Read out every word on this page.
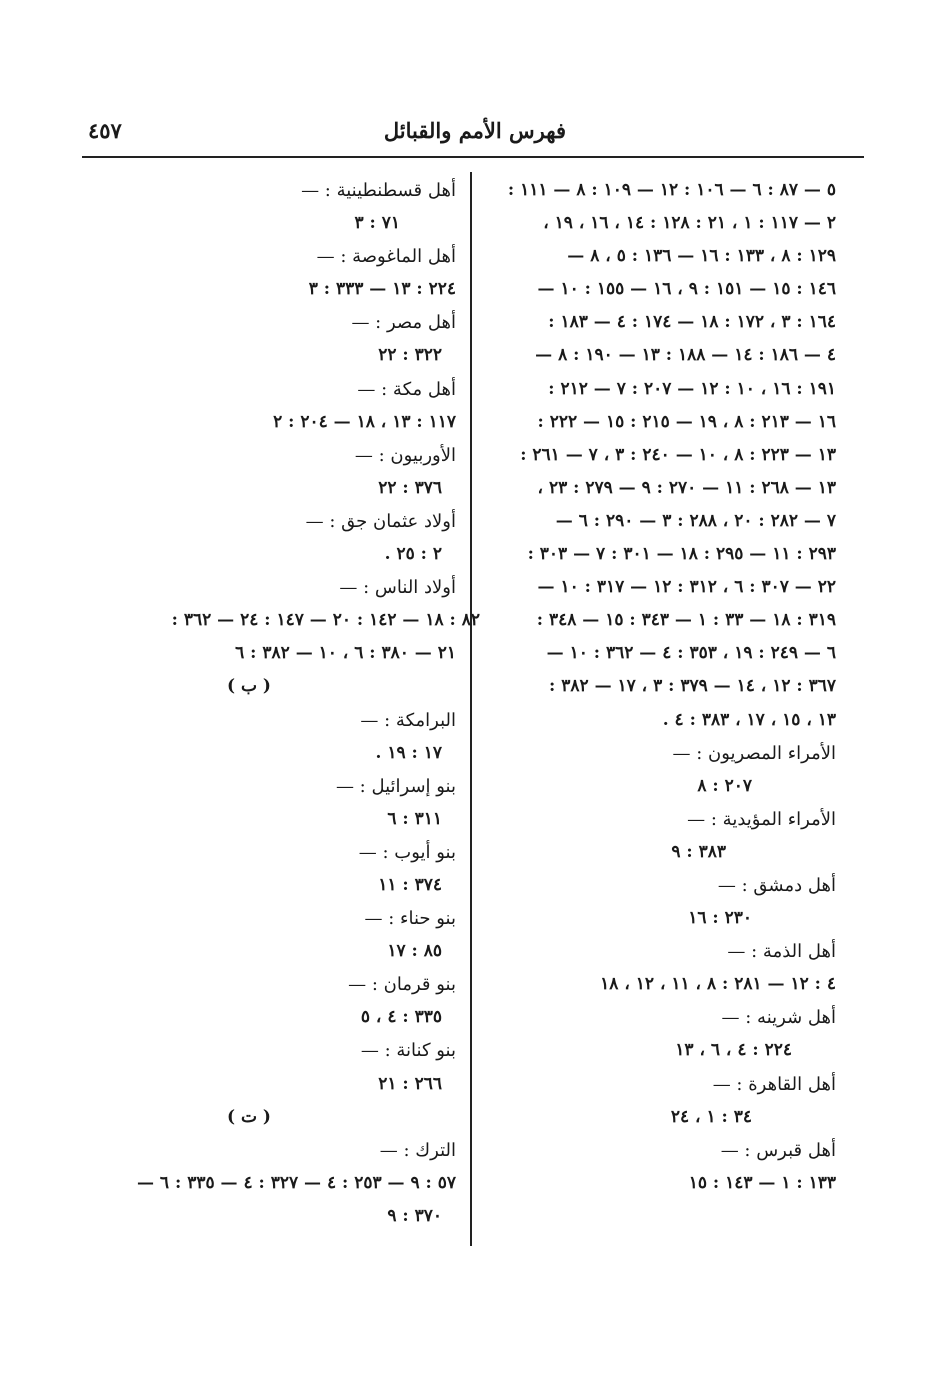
فهرس الأمم والقبائل
٤٥٧
٥ — ٨٧ : ٦ — ١٠٦ : ١٢ — ١٠٩ : ٨ — ١١١ :
٢ — ١١٧ : ١ ، ٢١ : ١٢٨ : ١٤ ، ١٦ ، ١٩ ،
١٢٩ : ٨ ، ١٣٣ : ١٦ — ١٣٦ : ٥ ، ٨ —
١٤٦ : ١٥ — ١٥١ : ٩ ، ١٦ — ١٥٥ : ١٠ —
١٦٤ : ٣ ، ١٧٢ : ١٨ — ١٧٤ : ٤ — ١٨٣ :
٤ — ١٨٦ : ١٤ — ١٨٨ : ١٣ — ١٩٠ : ٨ —
١٩١ : ١٦ ، ١٠ : ١٢ — ٢٠٧ : ٧ — ٢١٢ :
١٦ — ٢١٣ : ٨ ، ١٩ — ٢١٥ : ١٥ — ٢٢٢ :
١٣ — ٢٢٣ : ٨ ، ١٠ — ٢٤٠ : ٣ ، ٧ — ٢٦١ :
١٣ — ٢٦٨ : ١١ — ٢٧٠ : ٩ — ٢٧٩ : ٢٣ ،
٧ — ٢٨٢ : ٢٠ ، ٢٨٨ : ٣ — ٢٩٠ : ٦ —
٢٩٣ : ١١ — ٢٩٥ : ١٨ — ٣٠١ : ٧ — ٣٠٣ :
٢٢ — ٣٠٧ : ٦ ، ٣١٢ : ١٢ — ٣١٧ : ١٠ —
٣١٩ : ١٨ — ٣٣ : ١ — ٣٤٣ : ١٥ — ٣٤٨ :
٦ — ٢٤٩ : ١٩ ، ٣٥٣ : ٤ — ٣٦٢ : ١٠ —
٣٦٧ : ١٢ ، ١٤ — ٣٧٩ : ٣ ، ١٧ — ٣٨٢ :
١٣ ، ١٥ ، ١٧ ، ٣٨٣ : ٤ .
الأمراء المصريون : —
٢٠٧ : ٨
الأمراء المؤيدية : —
٣٨٣ : ٩
أهل دمشق : —
٢٣٠ : ١٦
أهل الذمة : —
٤ : ١٢ — ٢٨١ : ٨ ، ١١ ، ١٢ ، ١٨
أهل شرينه : —
٢٢٤ : ٤ ، ٦ ، ١٣
أهل القاهرة : —
٣٤ : ١ ، ٢٤
أهل قبرس : —
١٣٣ : ١ — ١٤٣ : ١٥
أهل قسطنطينية : —
٧١ : ٣
أهل الماغوصة : —
٢٢٤ : ١٣ — ٣٣٣ : ٣
أهل مصر : —
٣٢٢ : ٢٢
أهل مكة : —
١١٧ : ١٣ ، ١٨ — ٢٠٤ : ٢
الأوربيون : —
٣٧٦ : ٢٢
أولاد عثمان جق : —
٢ : ٢٥ .
أولاد الناس : —
٨٢ : ١٨ — ١٤٢ : ٢٠ — ١٤٧ : ٢٤ — ٣٦٢ :
٢١ — ٣٨٠ : ٦ ، ١٠ — ٣٨٢ : ٦
( ب )
البرامكة : —
١٧ : ١٩ .
بنو إسرائيل : —
٣١١ : ٦
بنو أيوب : —
٣٧٤ : ١١
بنو حناء : —
٨٥ : ١٧
بنو قرمان : —
٣٣٥ : ٤ ، ٥
بنو كنانة : —
٢٦٦ : ٢١
( ت )
الترك : —
٥٧ : ٩ — ٢٥٣ : ٤ — ٣٢٧ : ٤ — ٣٣٥ : ٦ —
٣٧٠ : ٩
